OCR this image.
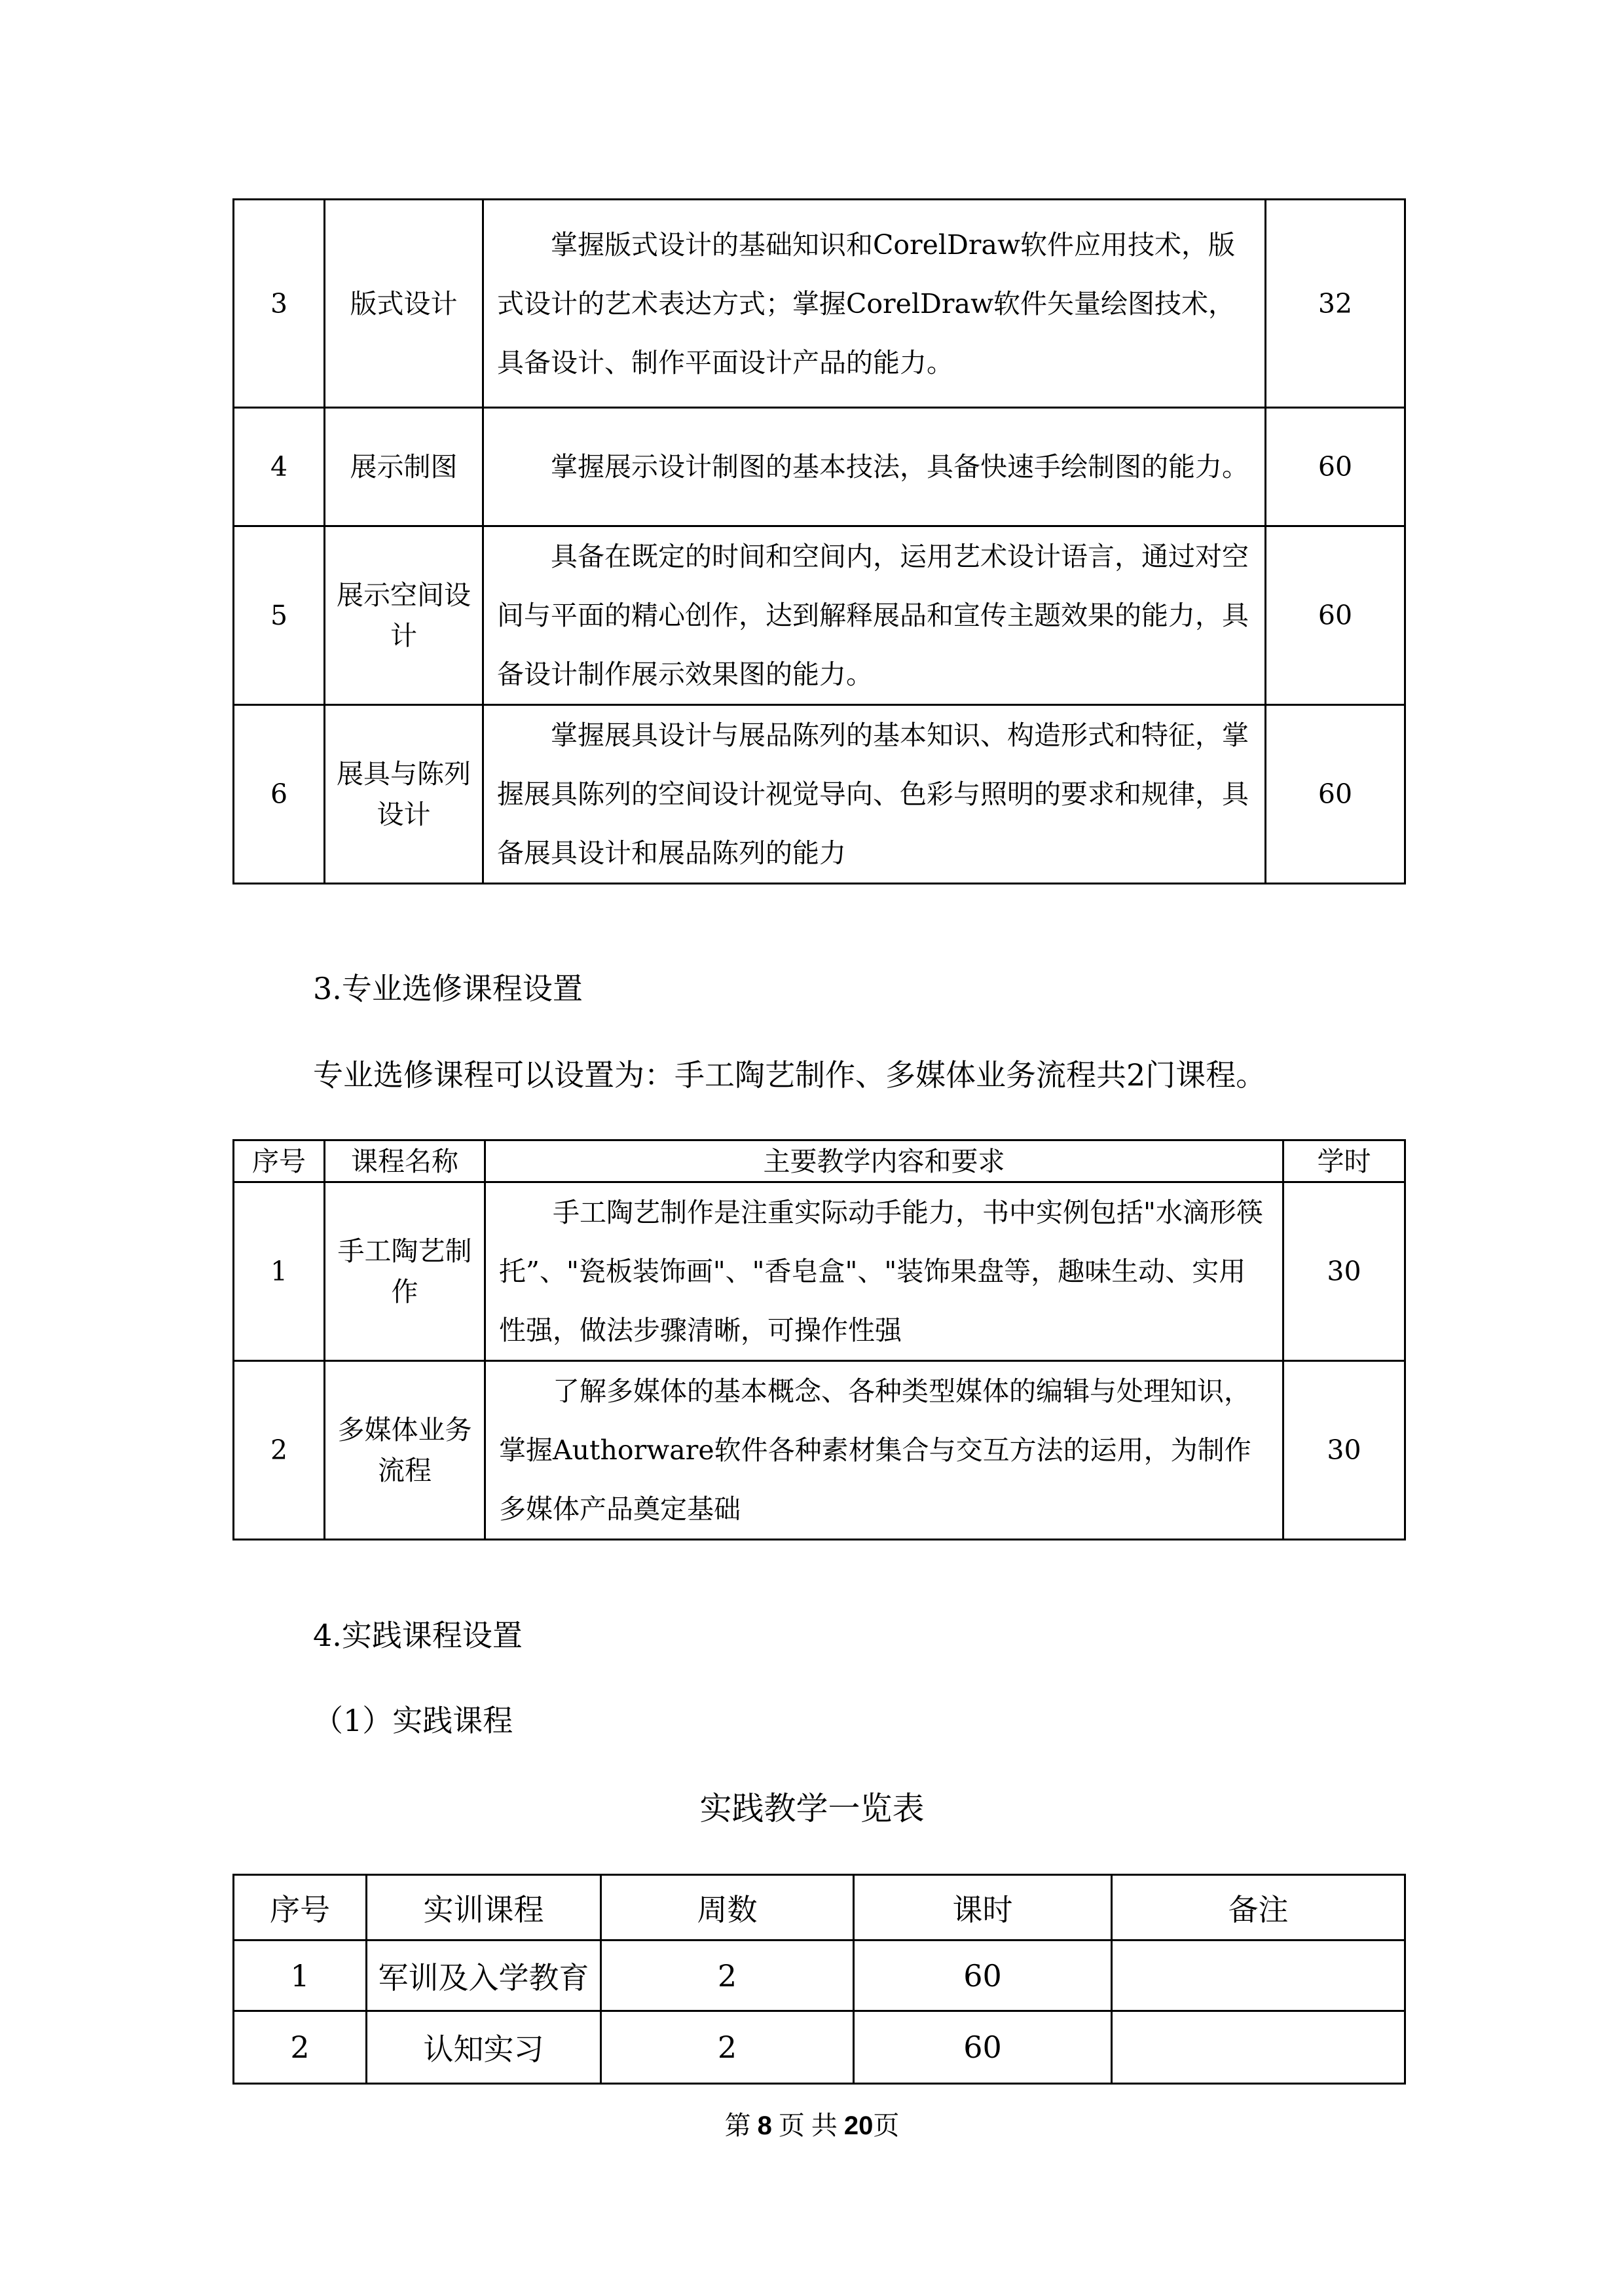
3	版式设计	掌握版式设计的基础知识和CorelDraw软件应用技术，版式设计的艺术表达方式；掌握CorelDraw软件矢量绘图技术，具备设计、制作平面设计产品的能力。	32
4	展示制图	掌握展示设计制图的基本技法，具备快速手绘制图的能力。	60
5	展示空间设计	具备在既定的时间和空间内，运用艺术设计语言，通过对空间与平面的精心创作，达到解释展品和宣传主题效果的能力，具备设计制作展示效果图的能力。	60
6	展具与陈列设计	掌握展具设计与展品陈列的基本知识、构造形式和特征，掌握展具陈列的空间设计视觉导向、色彩与照明的要求和规律，具备展具设计和展品陈列的能力	60
3.专业选修课程设置
专业选修课程可以设置为：手工陶艺制作、多媒体业务流程共2门课程。
序号	课程名称	主要教学内容和要求	学时
1	手工陶艺制作	手工陶艺制作是注重实际动手能力，书中实例包括"水滴形筷托”、"瓷板装饰画"、"香皂盒"、"装饰果盘等，趣味生动、实用性强，做法步骤清晰，可操作性强	30
2	多媒体业务流程	了解多媒体的基本概念、各种类型媒体的编辑与处理知识，掌握Authorware软件各种素材集合与交互方法的运用，为制作多媒体产品奠定基础	30
4.实践课程设置
（1）实践课程
实践教学一览表
序号	实训课程	周数	课时	备注
1	军训及入学教育	2	60	
2	认知实习	2	60	
第 8 页 共 20页
